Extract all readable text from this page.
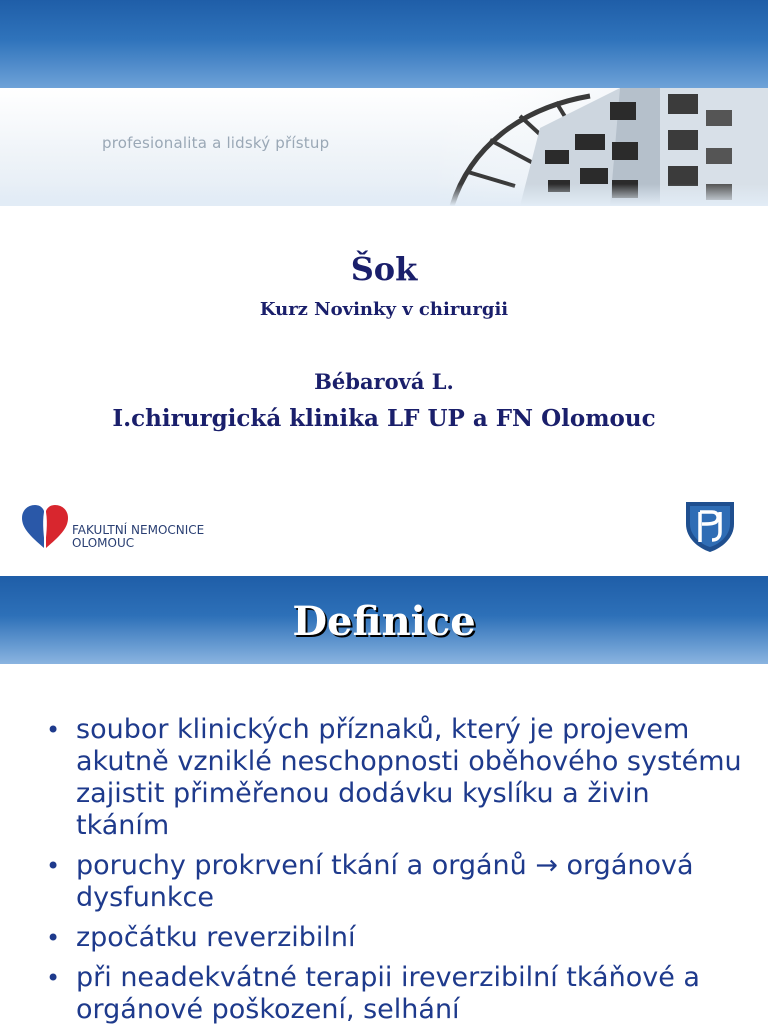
profesionalita a lidský přístup
Šok
Kurz Novinky v chirurgii
Bébarová L.
I.chirurgická klinika LF UP a FN Olomouc
FAKULTNÍ NEMOCNICE
OLOMOUC
Definice
• soubor klinických příznaků, který je projevem akutně vzniklé neschopnosti oběhového systému zajistit přiměřenou dodávku kyslíku a živin tkáním
• poruchy prokrvení tkání a orgánů → orgánová dysfunkce
• zpočátku reverzibilní
• při neadekvátné terapii ireverzibilní tkáňové a orgánové poškození, selhání
